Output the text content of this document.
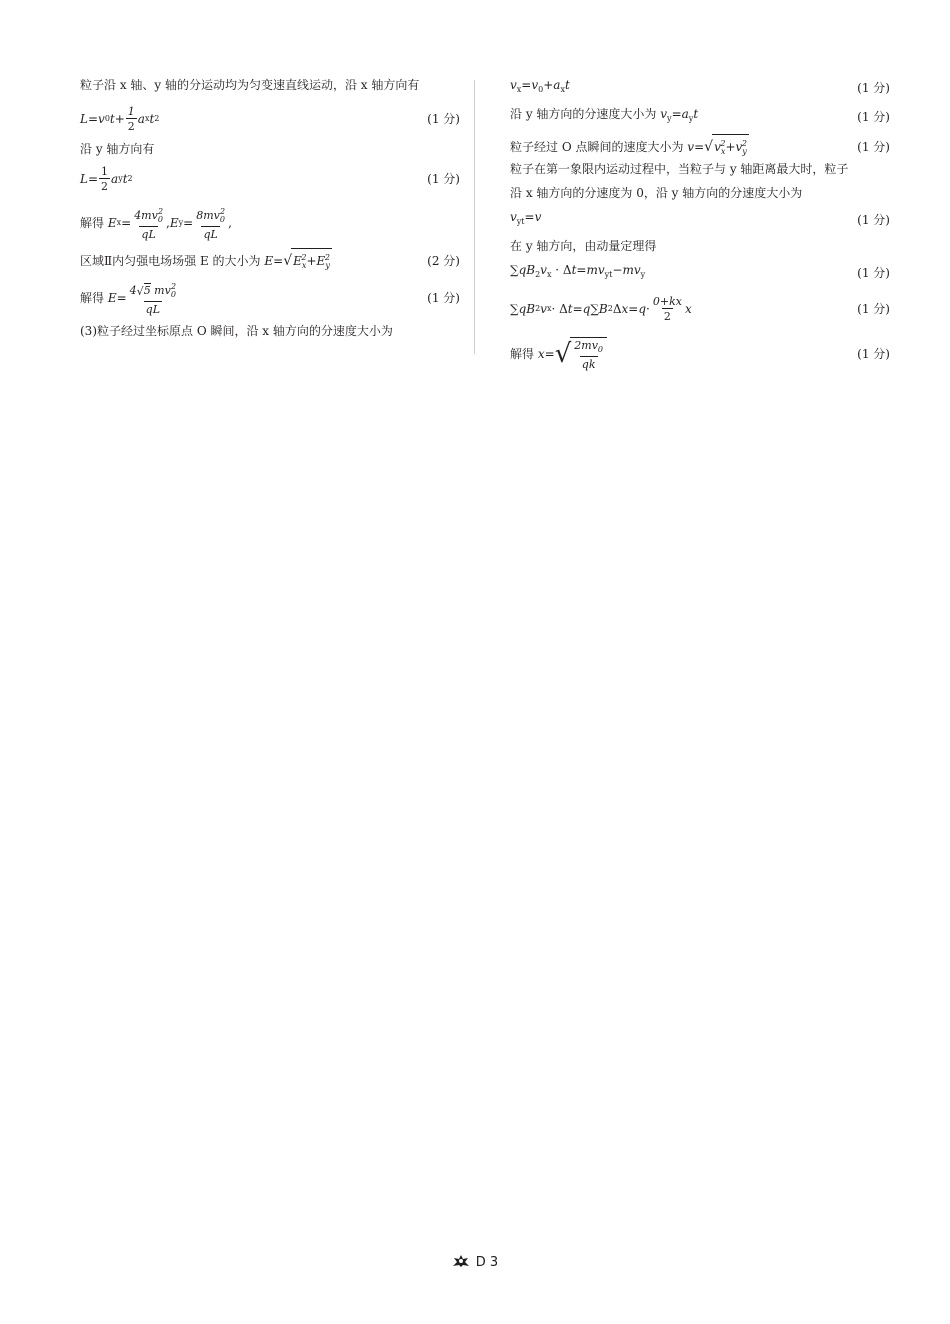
粒子沿 x 轴、y 轴的分运动均为匀变速直线运动，沿 x 轴方向有
L = v 0 $t + \frac{1}{2}$ a x t 2	(1 分)
沿 y 轴方向有
$L = \frac{1}{2}$ a y t 2	(1 分)
解得
E $x = \frac{4mv_0^2}{qL}$ , E $y = \frac{8mv_0^2}{qL}$ ,
区域Ⅱ内匀强电场场强 E 的大小为
E = √ $E_x^2+E_y^2$	(2 分)
解得
$E = \frac{4√5 mv_0^2}{qL}$	(1 分)
(3)粒子经过坐标原点 O 瞬间，沿 x 轴方向的分速度大小为
$v_x=v_0+a_xt$	(1 分)
沿 y 轴方向的分速度大小为 $v_y=a_yt$	(1 分)
粒子经过 O 点瞬间的速度大小为
v = √ $v_x^2+v_y^2$	(1 分)
粒子在第一象限内运动过程中，当粒子与 y 轴距离最大时，粒子
沿 x 轴方向的分速度为 0，沿 y 轴方向的分速度大小为
$v_{yt}=v$	(1 分)
在 y 轴方向，由动量定理得
$\sum qB_2v_x \cdot \Delta t=mv_{yt}-mv_y$	(1 分)
∑ qB 2 v x · Δ t = q ∑ B 2 Δ $x = q \cdot \frac{0+kx}{2}$ x	(1 分)
解得
x = √ $\frac{2mv_0}{qk}$	(1 分)
D 3
